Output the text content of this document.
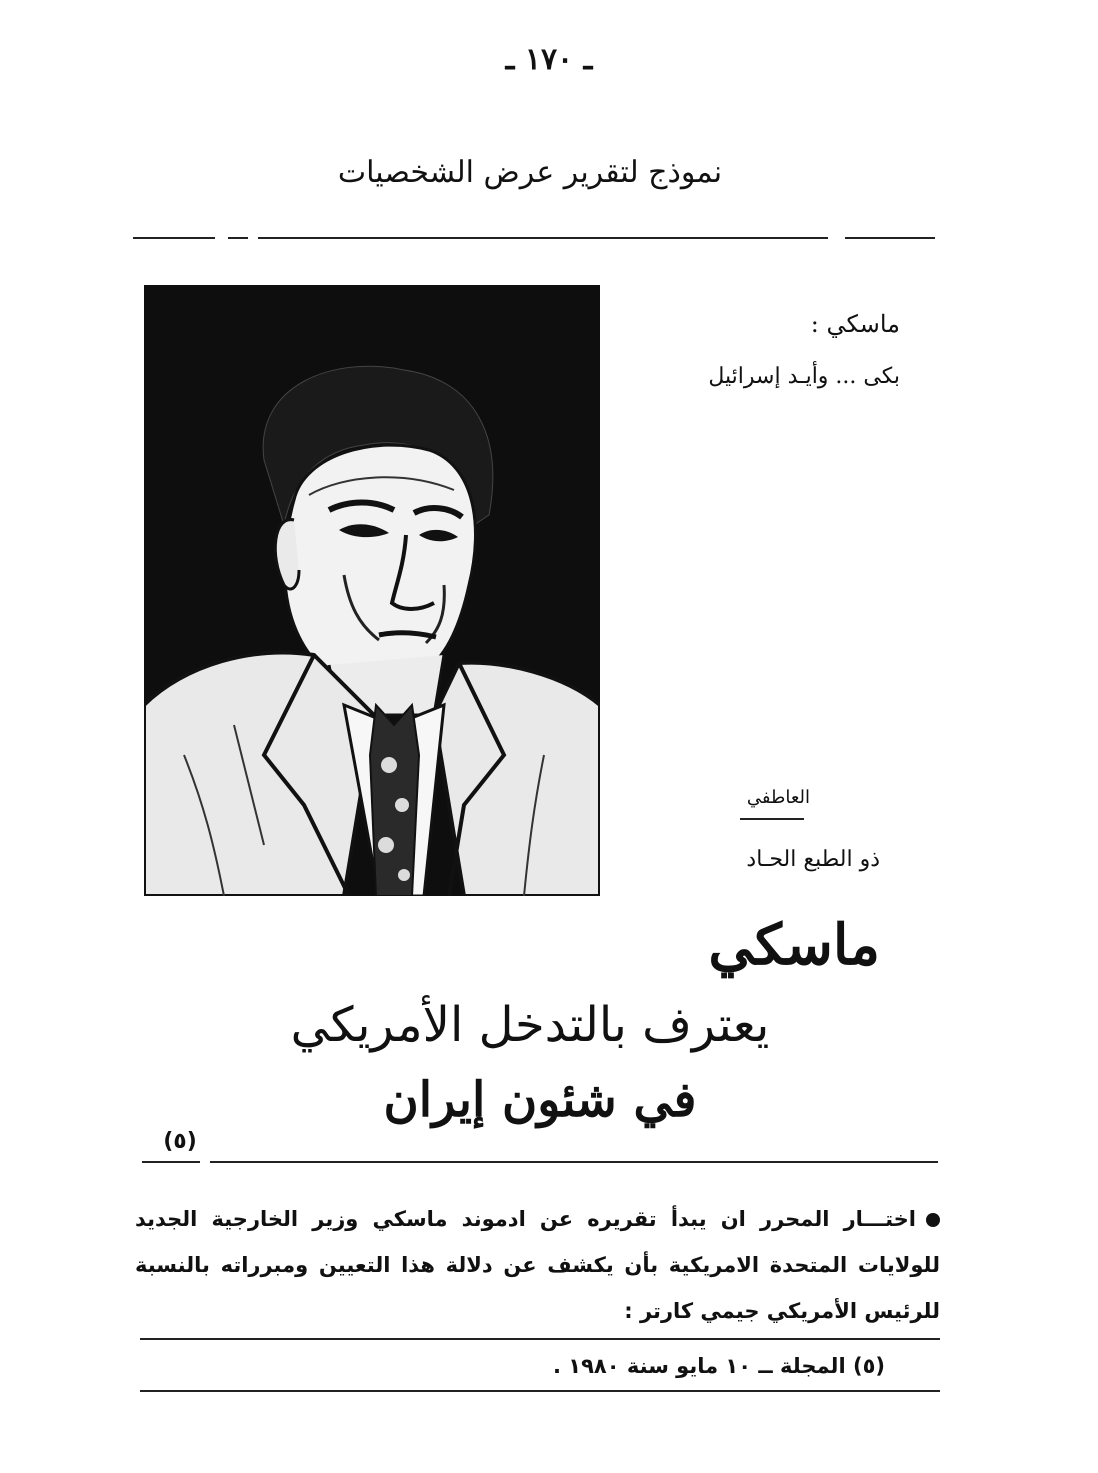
ـ ١٧٠ ـ
نموذج لتقرير عرض الشخصيات
ماسكي :
بكى ... وأيـد إسرائيل
العاطفي
ذو الطبع الحـاد
ماسكي
يعترف بالتدخل الأمريكي
في شئون إيران
(٥)
اختـــار المحرر ان يبدأ تقريره عن ادموند ماسكي وزير الخارجية الجديد للولايات المتحدة الامريكية بأن يكشف عن دلالة هذا التعيين ومبرراته بالنسبة للرئيس الأمريكي جيمي كارتر :
(٥) المجلة ــ ١٠ مايو سنة ١٩٨٠ .
